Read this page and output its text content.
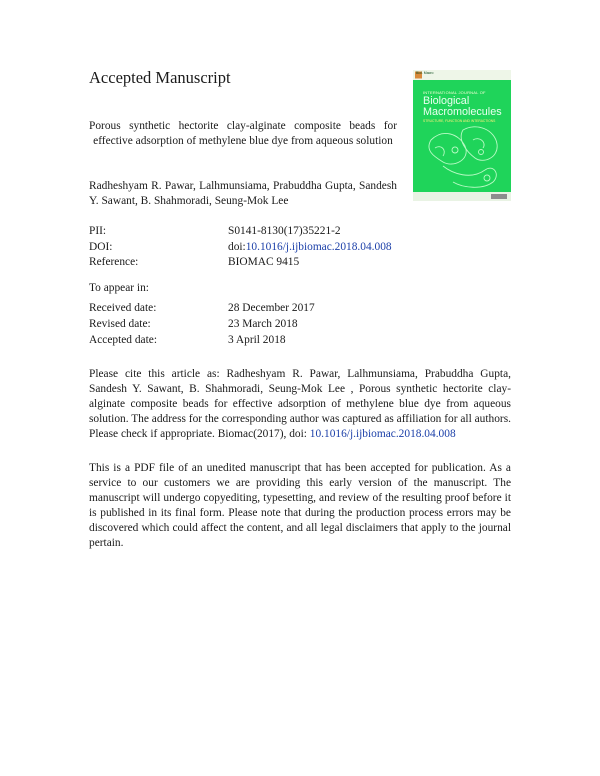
Accepted Manuscript
Porous synthetic hectorite clay-alginate composite beads for effective adsorption of methylene blue dye from aqueous solution
Radheshyam R. Pawar, Lalhmunsiama, Prabuddha Gupta, Sandesh Y. Sawant, B. Shahmoradi, Seung-Mok Lee
Biol. Macro
INTERNATIONAL JOURNAL OF
Biological
Macromolecules
STRUCTURE, FUNCTION AND INTERACTIONS
PII:	S0141-8130(17)35221-2
DOI:	doi:10.1016/j.ijbiomac.2018.04.008
Reference:	BIOMAC 9415
To appear in:
Received date:	28 December 2017
Revised date:	23 March 2018
Accepted date:	3 April 2018
Please cite this article as: Radheshyam R. Pawar, Lalhmunsiama, Prabuddha Gupta, Sandesh Y. Sawant, B. Shahmoradi, Seung-Mok Lee , Porous synthetic hectorite clay-alginate composite beads for effective adsorption of methylene blue dye from aqueous solution. The address for the corresponding author was captured as affiliation for all authors. Please check if appropriate. Biomac(2017), doi: 10.1016/j.ijbiomac.2018.04.008
This is a PDF file of an unedited manuscript that has been accepted for publication. As a service to our customers we are providing this early version of the manuscript. The manuscript will undergo copyediting, typesetting, and review of the resulting proof before it is published in its final form. Please note that during the production process errors may be discovered which could affect the content, and all legal disclaimers that apply to the journal pertain.
